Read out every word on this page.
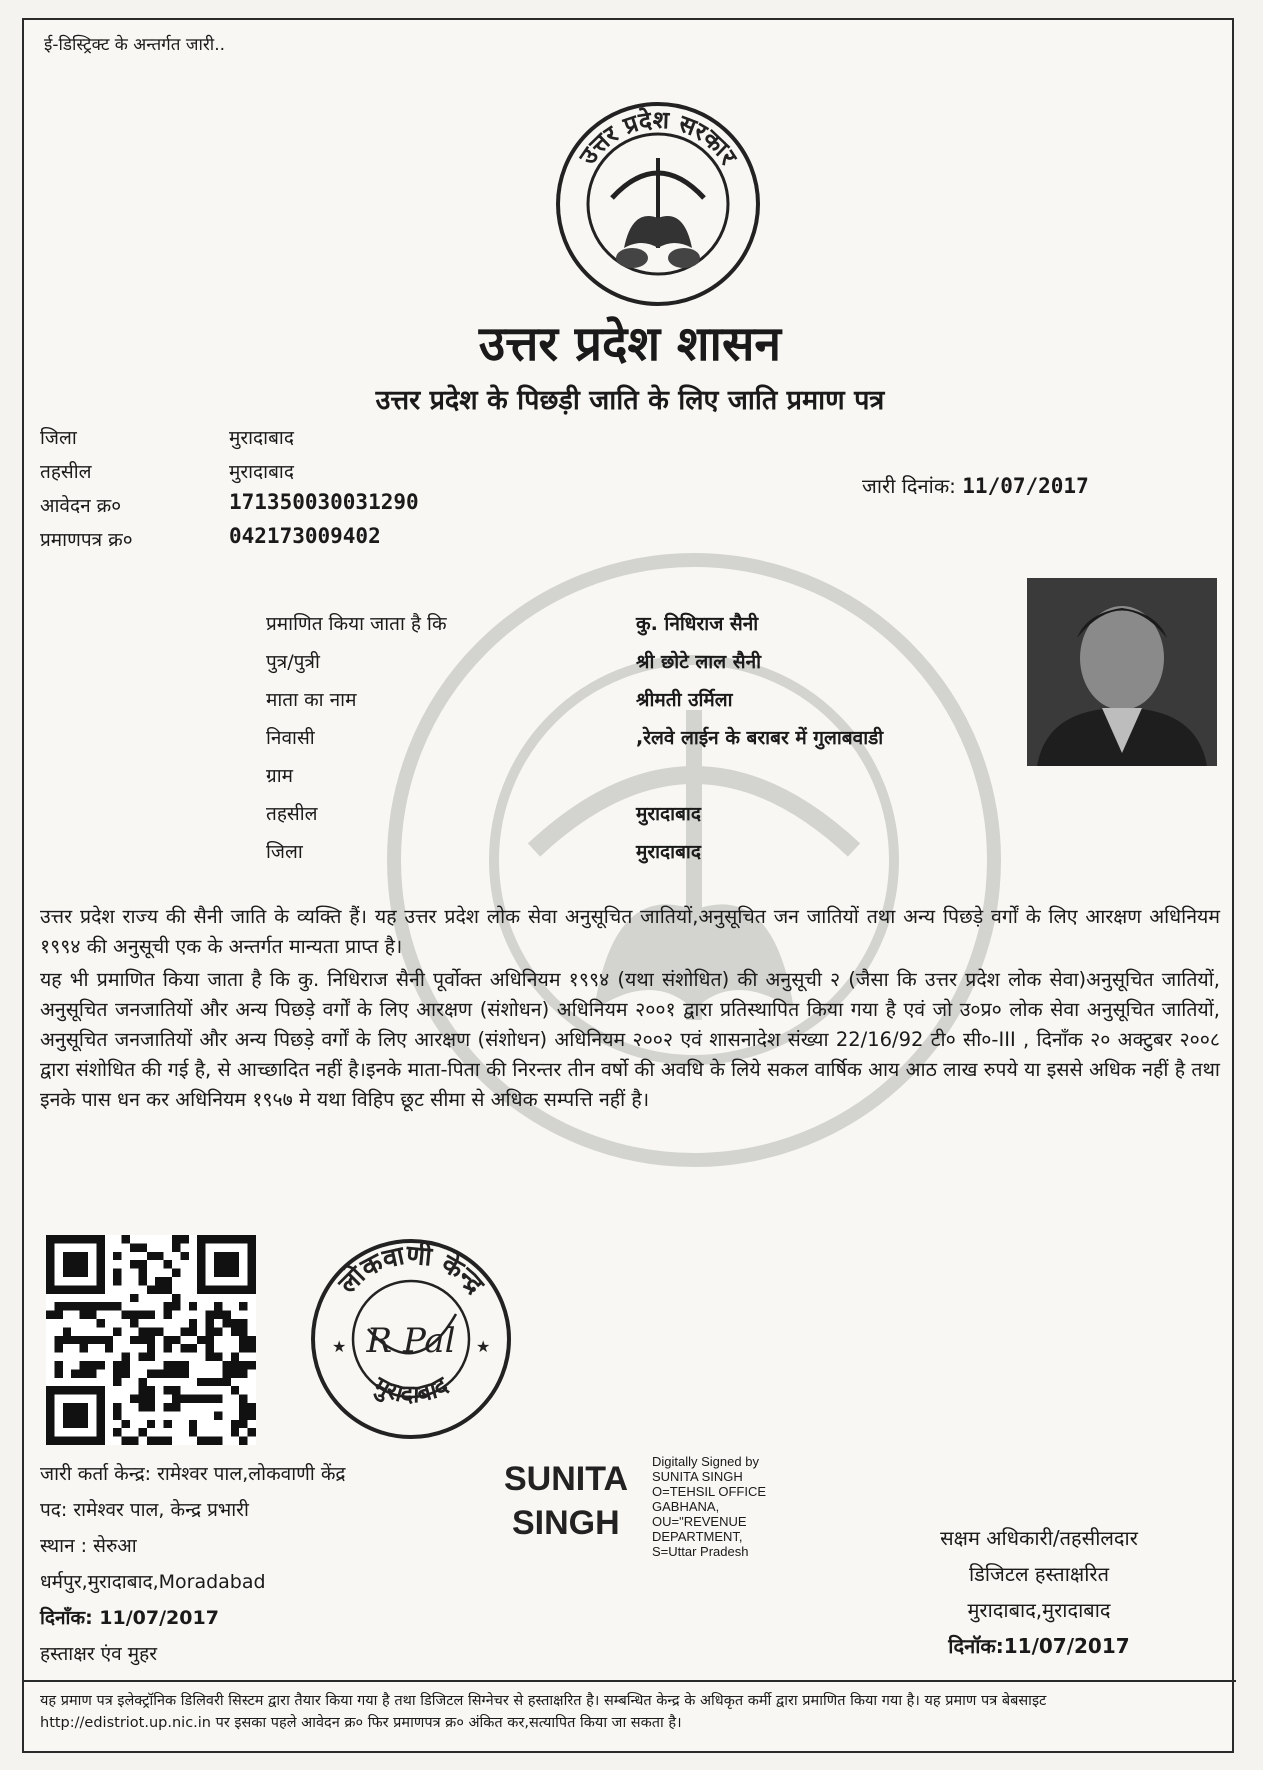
ई-डिस्ट्रिक्ट के अन्तर्गत जारी..
उत्तर प्रदेश सरकार
उत्तर प्रदेश शासन
उत्तर प्रदेश के पिछड़ी जाति के लिए जाति प्रमाण पत्र
जिला	मुरादाबाद
तहसील	मुरादाबाद
आवेदन क्र०	171350030031290
प्रमाणपत्र क्र०	042173009402
जारी दिनांक: 11/07/2017
प्रमाणित किया जाता है कि	कु. निधिराज सैनी
पुत्र/पुत्री	श्री छोटे लाल सैनी
माता का नाम	श्रीमती उर्मिला
निवासी	,रेलवे लाईन के बराबर में गुलाबवाडी
ग्राम
तहसील	मुरादाबाद
जिला	मुरादाबाद
उत्तर प्रदेश राज्य की सैनी जाति के व्यक्ति हैं। यह उत्तर प्रदेश लोक सेवा अनुसूचित जातियों,अनुसूचित जन जातियों तथा अन्य पिछड़े वर्गों के लिए आरक्षण अधिनियम १९९४ की अनुसूची एक के अन्तर्गत मान्यता प्राप्त है।
यह भी प्रमाणित किया जाता है कि कु. निधिराज सैनी पूर्वोक्त अधिनियम १९९४ (यथा संशोधित) की अनुसूची २ (जैसा कि उत्तर प्रदेश लोक सेवा)अनुसूचित जातियों, अनुसूचित जनजातियों और अन्य पिछड़े वर्गों के लिए आरक्षण (संशोधन) अधिनियम २००१ द्वारा प्रतिस्थापित किया गया है एवं जो उ०प्र० लोक सेवा अनुसूचित जातियों, अनुसूचित जनजातियों और अन्य पिछड़े वर्गों के लिए आरक्षण (संशोधन) अधिनियम २००२ एवं शासनादेश संख्या 22/16/92 टी० सी०-III , दिनाँक २० अक्टुबर २००८ द्वारा संशोधित की गई है, से आच्छादित नहीं है।इनके माता-पिता की निरन्तर तीन वर्षो की अवधि के लिये सकल वार्षिक आय आठ लाख रुपये या इससे अधिक नहीं है तथा इनके पास धन कर अधिनियम १९५७ मे यथा विहिप छूट सीमा से अधिक सम्पत्ति नहीं है।
लोकवाणी केन्द्र
मुरादाबाद
R Pal
★	★
जारी कर्ता केन्द्र: रामेश्वर पाल,लोकवाणी केंद्र
पद: रामेश्वर पाल, केन्द्र प्रभारी
स्थान : सेरुआ
धर्मपुर,मुरादाबाद,Moradabad
दिनाँक: 11/07/2017
हस्ताक्षर एंव मुहर
SUNITA
SINGH
Digitally Signed by
SUNITA SINGH
O=TEHSIL OFFICE
GABHANA,
OU="REVENUE
DEPARTMENT,
S=Uttar Pradesh
सक्षम अधिकारी/तहसीलदार
डिजिटल हस्ताक्षरित
मुरादाबाद,मुरादाबाद
दिनॉक:11/07/2017
यह प्रमाण पत्र इलेक्ट्रॉनिक डिलिवरी सिस्टम द्वारा तैयार किया गया है तथा डिजिटल सिग्नेचर से हस्ताक्षरित है। सम्बन्धित केन्द्र के अधिकृत कर्मी द्वारा प्रमाणित किया गया है। यह प्रमाण पत्र बेबसाइट http://edistriot.up.nic.in पर इसका पहले आवेदन क्र० फिर प्रमाणपत्र क्र० अंकित कर,सत्यापित किया जा सकता है।
